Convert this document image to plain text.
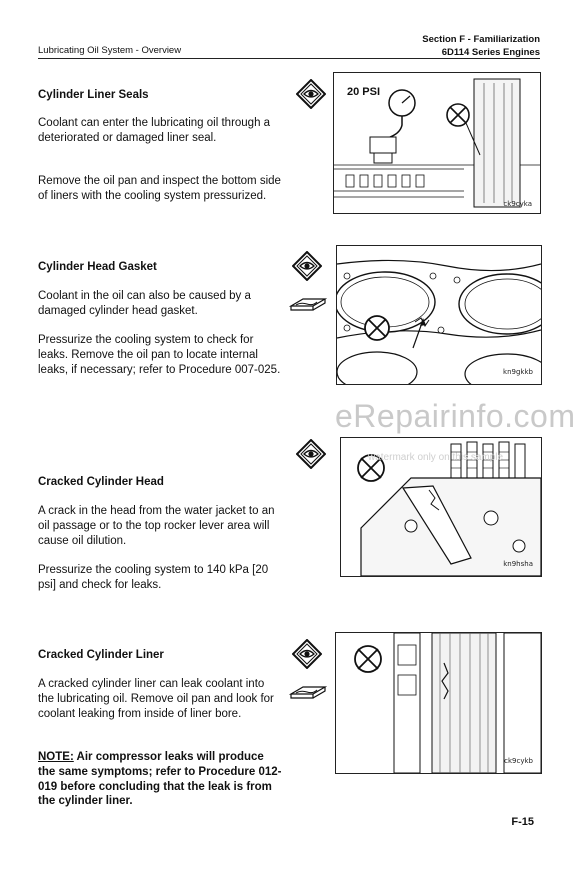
Lubricating Oil System - Overview
Section F - Familiarization
6D114 Series Engines
Cylinder Liner Seals

Coolant can enter the lubricating oil through a deteriorated or damaged liner seal.

Remove the oil pan and inspect the bottom side of liners with the cooling system pressurized.

20 PSI
ck9cyka
Cylinder Head Gasket

Coolant in the oil can also be caused by a damaged cylinder head gasket.

Pressurize the cooling system to check for leaks. Remove the oil pan to locate internal leaks, if necessary; refer to Procedure 007-025.	kn9gkkb
Cracked Cylinder Head

A crack in the head from the water jacket to an oil passage or to the top rocker lever area will cause oil dilution.

Pressurize the cooling system to 140 kPa [20 psi] and check for leaks.

kn9hsha
eRepairinfo.com
watermark only on this sample
Cracked Cylinder Liner

A cracked cylinder liner can leak coolant into the lubricating oil. Remove oil pan and look for coolant leaking from inside of liner bore.

NOTE: Air compressor leaks will produce the same symptoms; refer to Procedure 012-019 before concluding that the leak is from the cylinder liner.

ck9cykb
F-15
